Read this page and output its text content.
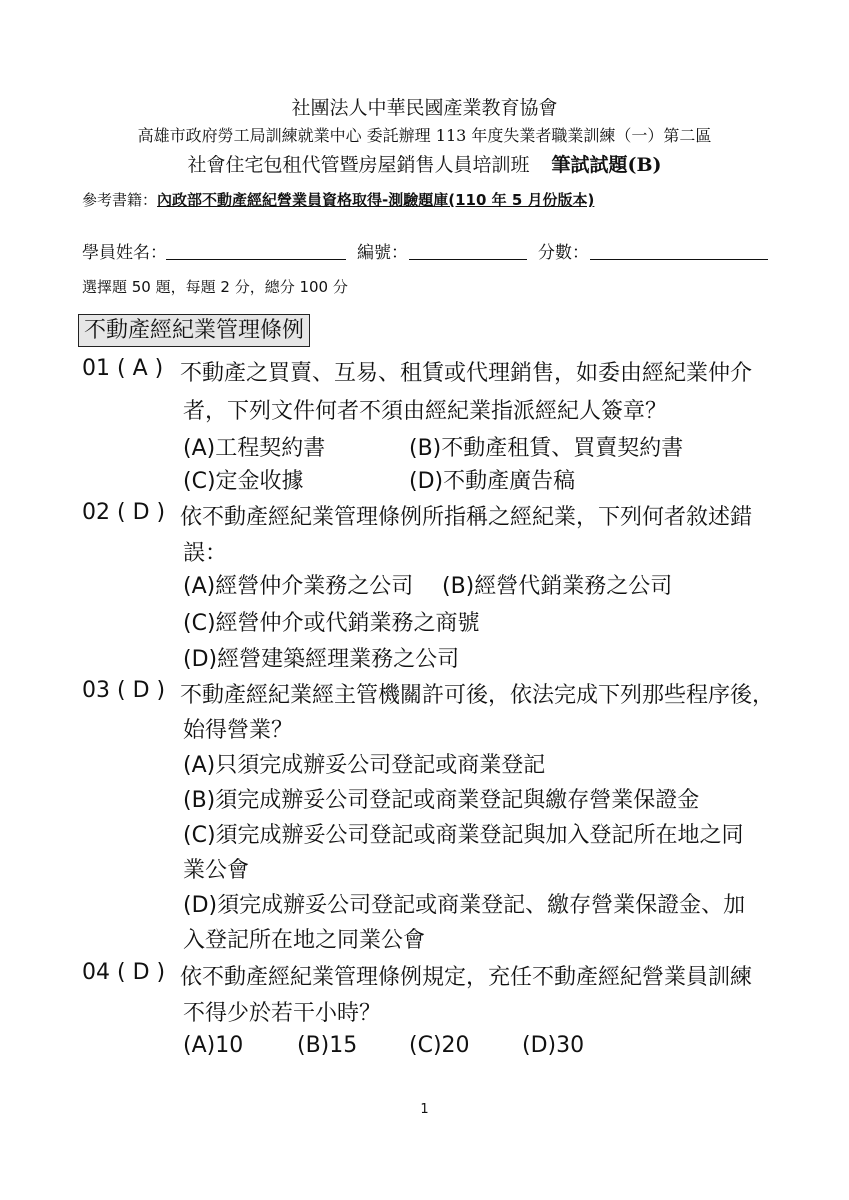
社團法人中華民國產業教育協會
高雄市政府勞工局訓練就業中心 委託辦理 113 年度失業者職業訓練（一）第二區
社會住宅包租代管暨房屋銷售人員培訓班 筆試試題(B)
參考書籍：內政部不動產經紀營業員資格取得-測驗題庫(110 年 5 月份版本)
學員姓名：	編號：	分數：
選擇題 50 題，每題 2 分，總分 100 分
不動產經紀業管理條例
01 ( A ) 不動產之買賣、互易、租賃或代理銷售，如委由經紀業仲介
者，下列文件何者不須由經紀業指派經紀人簽章？
(A)工程契約書	(B)不動產租賃、買賣契約書
(C)定金收據	(D)不動產廣告稿
02 ( D ) 依不動產經紀業管理條例所指稱之經紀業，下列何者敘述錯
誤：
(A)經營仲介業務之公司 (B)經營代銷業務之公司
(C)經營仲介或代銷業務之商號
(D)經營建築經理業務之公司
03 ( D ) 不動產經紀業經主管機關許可後，依法完成下列那些程序後，
始得營業？
(A)只須完成辦妥公司登記或商業登記
(B)須完成辦妥公司登記或商業登記與繳存營業保證金
(C)須完成辦妥公司登記或商業登記與加入登記所在地之同
業公會
(D)須完成辦妥公司登記或商業登記、繳存營業保證金、加
入登記所在地之同業公會
04 ( D ) 依不動產經紀業管理條例規定，充任不動產經紀營業員訓練
不得少於若干小時？
(A)10 (B)15 (C)20 (D)30
1
